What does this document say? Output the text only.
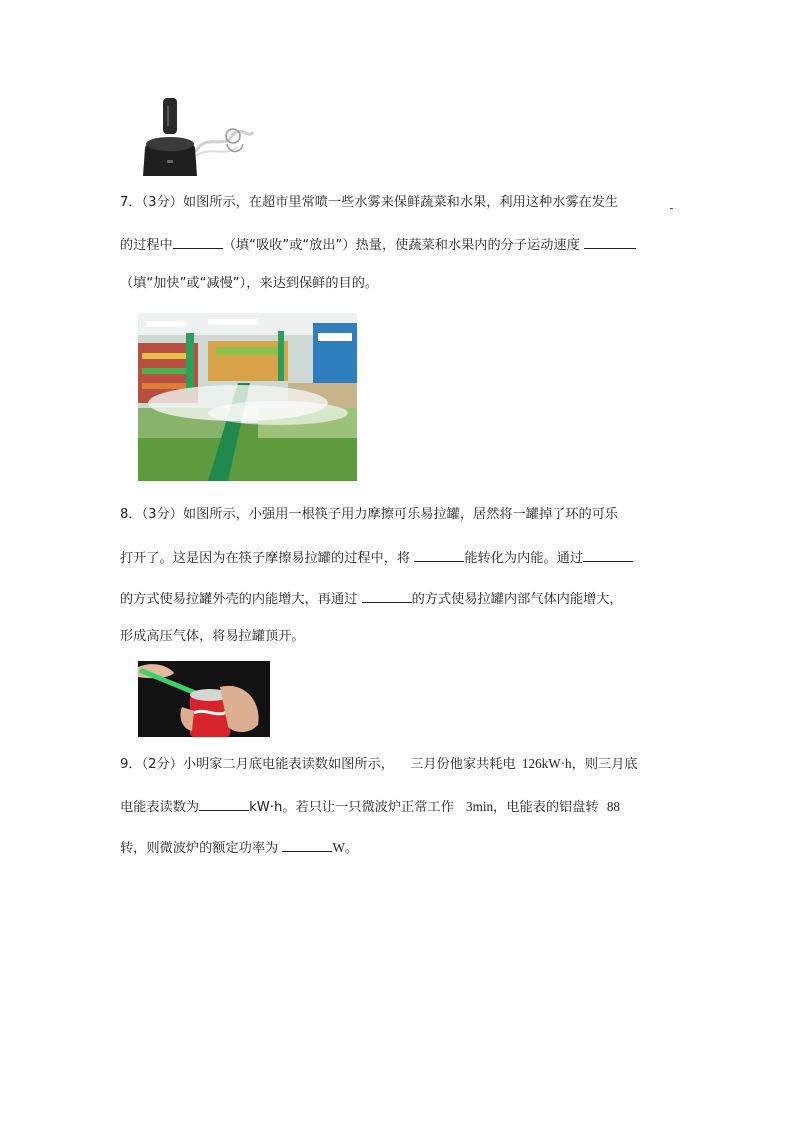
7．（3分）如图所示，在超市里常喷一些水雾来保鲜蔬菜和水果，利用这种水雾在发生
的过程中	（填“吸收”或“放出”）热量，使蔬菜和水果内的分子运动速度
（填“加快”或“减慢”），来达到保鲜的目的。
8．（3分）如图所示，小强用一根筷子用力摩擦可乐易拉罐，居然将一罐掉了环的可乐
打开了。这是因为在筷子摩擦易拉罐的过程中，将	能转化为内能。通过
的方式使易拉罐外壳的内能增大，再通过	的方式使易拉罐内部气体内能增大，
形成高压气体，将易拉罐顶开。
9．（2分）小明家二月底电能表读数如图所示， 三月份他家共耗电 126kW·h，则三月底
电能表读数为	kW·h。若只让一只微波炉正常工作 3min，电能表的铝盘转 88
转，则微波炉的额定功率为	W。
